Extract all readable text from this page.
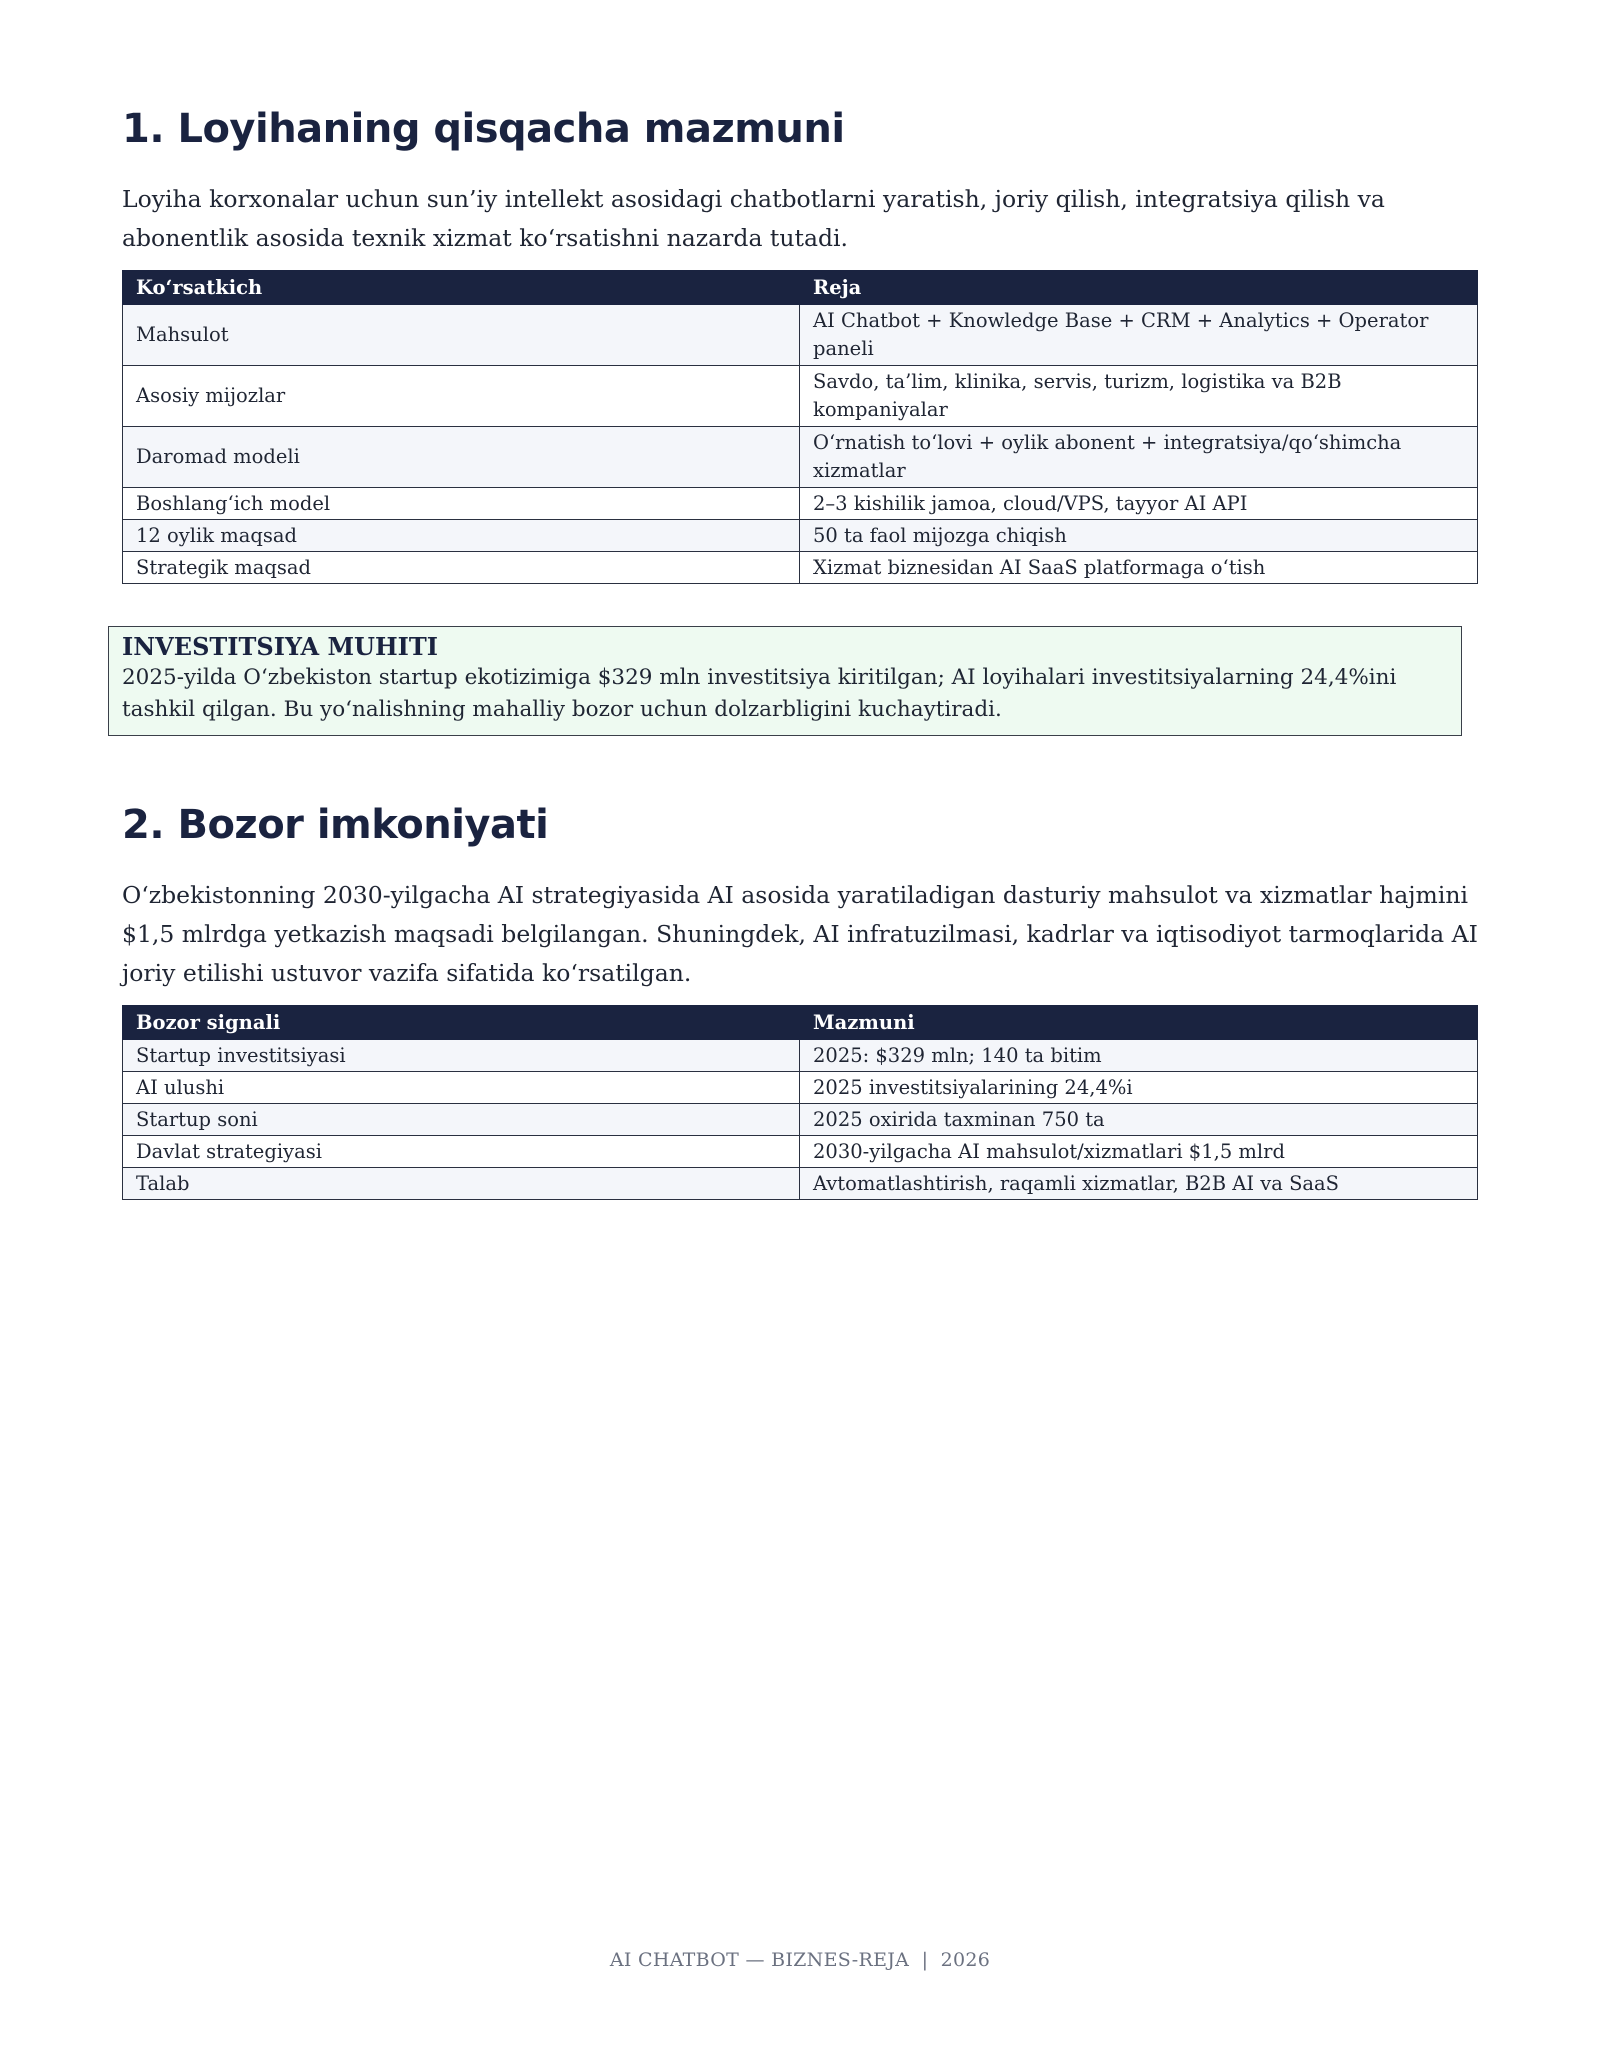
1. Loyihaning qisqacha mazmuni

Loyiha korxonalar uchun sun’iy intellekt asosidagi chatbotlarni yaratish, joriy qilish, integratsiya qilish va abonentlik asosida texnik xizmat ko‘rsatishni nazarda tutadi.

Ko‘rsatkich	Reja
Mahsulot	AI Chatbot + Knowledge Base + CRM + Analytics + Operator paneli
Asosiy mijozlar	Savdo, ta’lim, klinika, servis, turizm, logistika va B2B kompaniyalar
Daromad modeli	O‘rnatish to‘lovi + oylik abonent + integratsiya/qo‘shimcha xizmatlar
Boshlang‘ich model	2–3 kishilik jamoa, cloud/VPS, tayyor AI API
12 oylik maqsad	50 ta faol mijozga chiqish
Strategik maqsad	Xizmat biznesidan AI SaaS platformaga o‘tish

INVESTITSIYA MUHITI

2025-yilda O‘zbekiston startup ekotizimiga $329 mln investitsiya kiritilgan; AI loyihalari investitsiyalarning 24,4%ini tashkil qilgan. Bu yo‘nalishning mahalliy bozor uchun dolzarbligini kuchaytiradi.

2. Bozor imkoniyati

O‘zbekistonning 2030-yilgacha AI strategiyasida AI asosida yaratiladigan dasturiy mahsulot va xizmatlar hajmini $1,5 mlrdga yetkazish maqsadi belgilangan. Shuningdek, AI infratuzilmasi, kadrlar va iqtisodiyot tarmoqlarida AI joriy etilishi ustuvor vazifa sifatida ko‘rsatilgan.

Bozor signali	Mazmuni
Startup investitsiyasi	2025: $329 mln; 140 ta bitim
AI ulushi	2025 investitsiyalarining 24,4%i
Startup soni	2025 oxirida taxminan 750 ta
Davlat strategiyasi	2030-yilgacha AI mahsulot/xizmatlari $1,5 mlrd
Talab	Avtomatlashtirish, raqamli xizmatlar, B2B AI va SaaS
AI CHATBOT — BIZNES-REJA | 2026
